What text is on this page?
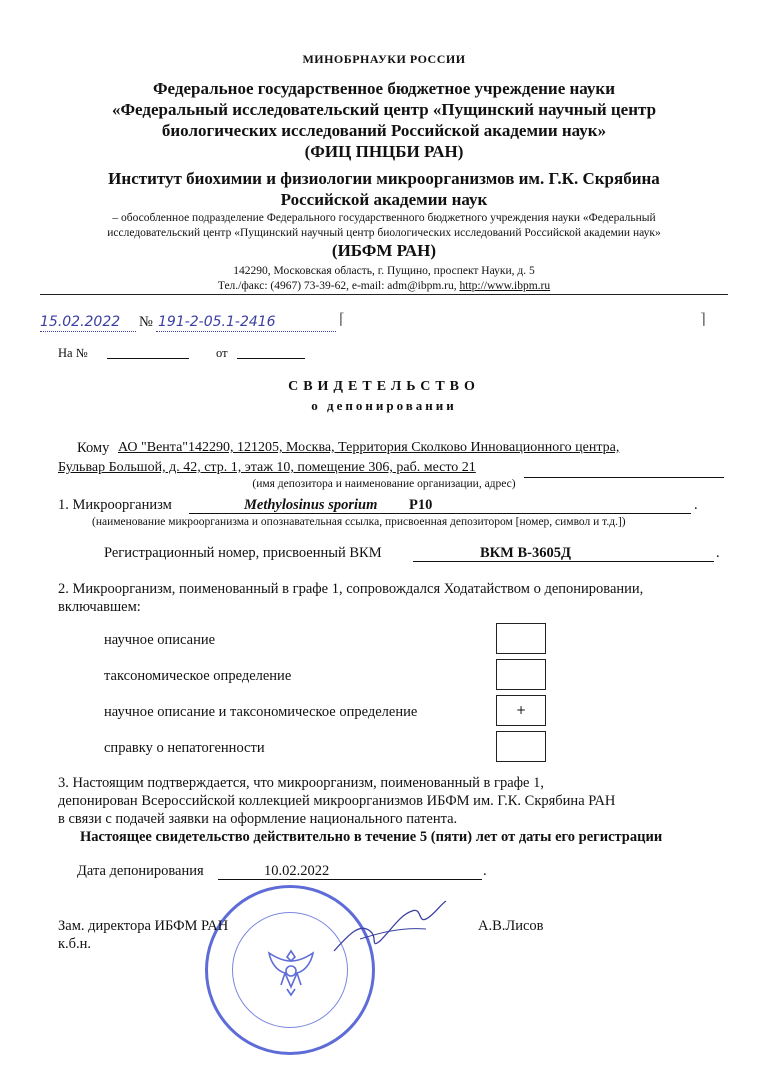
МИНОБРНАУКИ РОССИИ
Федеральное государственное бюджетное учреждение науки
«Федеральный исследовательский центр «Пущинский научный центр
биологических исследований Российской академии наук»
(ФИЦ ПНЦБИ РАН)
Институт биохимии и физиологии микроорганизмов им. Г.К. Скрябина
Российской академии наук
– обособленное подразделение Федерального государственного бюджетного учреждения науки «Федеральный
исследовательский центр «Пущинский научный центр биологических исследований Российской академии наук»
(ИБФМ РАН)
142290, Московская область, г. Пущино, проспект Науки, д. 5
Тел./факс: (4967) 73-39-62, e-mail: adm@ibpm.ru, http://www.ibpm.ru
15.02.2022 № 191-2-05.1-2416	⌈	⌉
На №	от
СВИДЕТЕЛЬСТВО
о депонировании
Кому АО "Вента"142290, 121205, Москва, Территория Сколково Инновационного центра,
Бульвар Большой, д. 42, стр. 1, этаж 10, помещение 306, раб. место 21
(имя депозитора и наименование организации, адрес)
1. Микроорганизм	Methylosinus sporium P10	.
(наименование микроорганизма и опознавательная ссылка, присвоенная депозитором [номер, символ и т.д.])
Регистрационный номер, присвоенный ВКМ	ВКМ В-3605Д	.
2. Микроорганизм, поименованный в графе 1, сопровождался Ходатайством о депонировании,
включавшем:
научное описание
таксономическое определение
научное описание и таксономическое определение	+
справку о непатогенности
3. Настоящим подтверждается, что микроорганизм, поименованный в графе 1,
депонирован Всероссийской коллекцией микроорганизмов ИБФМ им. Г.К. Скрябина РАН
в связи с подачей заявки на оформление национального патента.
Настоящее свидетельство действительно в течение 5 (пяти) лет от даты его регистрации
Дата депонирования	10.02.2022	.
Зам. директора ИБФМ РАН
к.б.н.
А.В.Лисов
